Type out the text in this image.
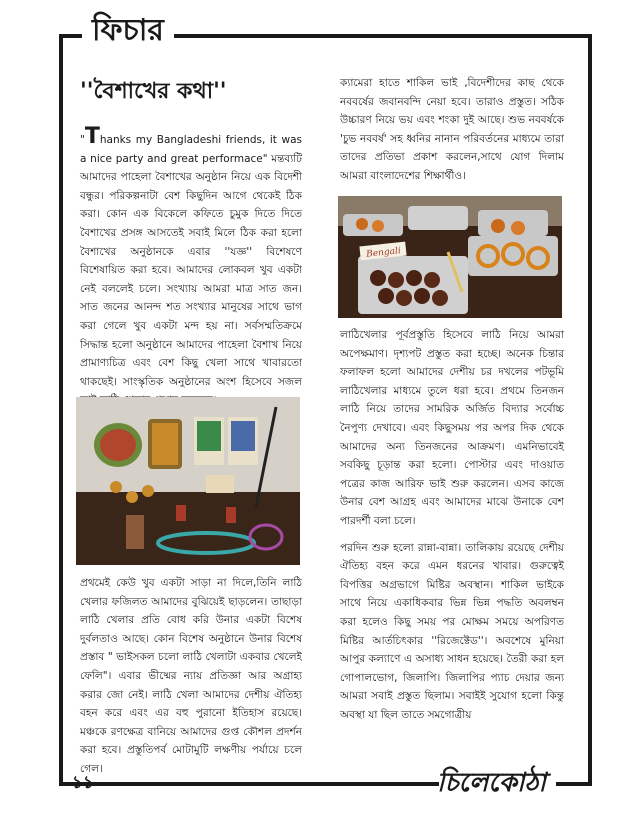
ফিচার
''বৈশাখের কথা''

"Thanks my Bangladeshi friends, it was a nice party and great performace" মন্তব্যটি আমাদের পাহেলা বৈশাখের অনুষ্ঠান নিয়ে এক বিদেশী বন্ধুর। পরিকল্পনাটা বেশ কিছুদিন আগে থেকেই ঠিক করা। কোন এক বিকেলে কফিতে চুমুক দিতে দিতে বৈশাখের প্রসঙ্গ আসতেই সবাই মিলে ঠিক করা হলো বৈশাখের অনুষ্ঠানকে এবার ''যজ্ঞ'' বিশেষণে বিশেষায়িত করা হবে। আমাদের লোকবল খুব একটা নেই বললেই চলে। সংখ্যায় আমরা মাত্র সাত জন। সাত জনের আনন্দ শত সংখ্যার মানুষের সাথে ভাগ করা গেলে খুব একটা মন্দ হয় না। সর্বসম্মতিক্রমে সিদ্ধান্ত হলো অনুষ্ঠানে আমাদের পাহেলা বৈশাখ নিয়ে প্রামাণ্যচিত্র এবং বেশ কিছু খেলা সাথে খাবারতো থাকছেই। সাংস্কৃতিক অনুষ্ঠানের অংশ হিসেবে সজল

প্রথমেই কেউ খুব একটা সাড়া না দিলে,তিনি লাঠি খেলার ফজিলত আমাদের বুঝিয়েই ছাড়লেন। তাছাড়া লাঠি খেলার প্রতি বোধ করি উনার একটা বিশেষ দুর্বলতাও আছে। কোন বিশেষ অনুষ্ঠানে উনার বিশেষ প্রস্তাব " ভাইসকল চলো লাঠি খেলাটা একবার খেলেই ফেলি"। এবার ভীষ্মের ন্যায় প্রতিজ্ঞা আর অগ্রাহ্য করার জো নেই। লাঠি খেলা আমাদের দেশীয় ঐতিহ্য বহন করে এবং এর বহু পুরানো ইতিহাস রয়েছে। মঞ্চকে রণক্ষেত্র বানিয়ে আমাদের গুপ্ত কৌশল প্রদর্শন করা হবে। প্রস্তুতিপর্ব মোটামুটি লক্ষণীয় পর্যায়ে চলে গেল।

ক্যামেরা হাতে শাকিল ভাই ,বিদেশীদের কাছ থেকে নববর্ষের জবানবন্দি নেয়া হবে। তারাও প্রস্তুত। সঠিক উচ্চারণ নিয়ে ভয় এবং শংকা দুই আছে। শুভ নববর্ষকে 'চুভ নববর্ষ' সহ ধ্বনির নানান পরিবর্তনের মাধ্যমে তারা তাদের প্রতিভা প্রকাশ করলেন,সাথে যোগ দিলাম আমরা বাংলাদেশের শিক্ষার্থীও।

Bengali

লাঠিখেলার পূর্বপ্রস্তুতি হিসেবে লাঠি নিয়ে আমরা অপেক্ষমাণ। দৃশ্যপট প্রস্তুত করা হচ্ছে। অনেক চিন্তার ফলাফল হলো আমাদের দেশীয় চর দখলের পটভূমি লাঠিখেলার মাধ্যমে তুলে ধরা হবে। প্রথমে তিনজন লাঠি নিয়ে তাদের সামরিক অর্জিত বিদ্যার সর্বোচ্চ নৈপুণ্য দেখাবে। এবং কিছুসময় পর অপর দিক থেকে আমাদের অন্য তিনজনের আক্রমণ। এমনিভাবেই সবকিছু চূড়ান্ত করা হলো। পোস্টার এবং দাওয়াত পত্রের কাজ আরিফ ভাই শুরু করলেন। এসব কাজে উনার বেশ আগ্রহ এবং আমাদের মাঝে উনাকে বেশ পারদর্শী বলা চলে।

পরদিন শুরু হলো রান্না-বান্না। তালিকায় রয়েছে দেশীয় ঐতিহ্য বহন করে এমন ধরনের খাবার। গুরুত্বেই বিপত্তির অগ্রভাগে মিষ্টির অবস্থান। শাকিল ভাইকে সাথে নিয়ে একাধিকবার ভিন্ন ভিন্ন পদ্ধতি অবলম্বন করা হলেও কিছু সময় পর মোক্ষম সময়ে অপরিণত মিষ্টির আর্তচিৎকার ''রিজেক্টেড''। অবশেষে মুনিয়া আপুর কল্যাণে এ অসাধ্য সাধন হয়েছে। তৈরী করা হল গোপালভোগ, জিলাপি। জিলাপির প্যাচ দেয়ার জন্য আমরা সবাই প্রস্তুত ছিলাম। সবাইই সুযোগ হলো কিন্তু অবস্থা যা ছিল তাতে সমগোত্রীয়

১১	চিলেকোঠা
